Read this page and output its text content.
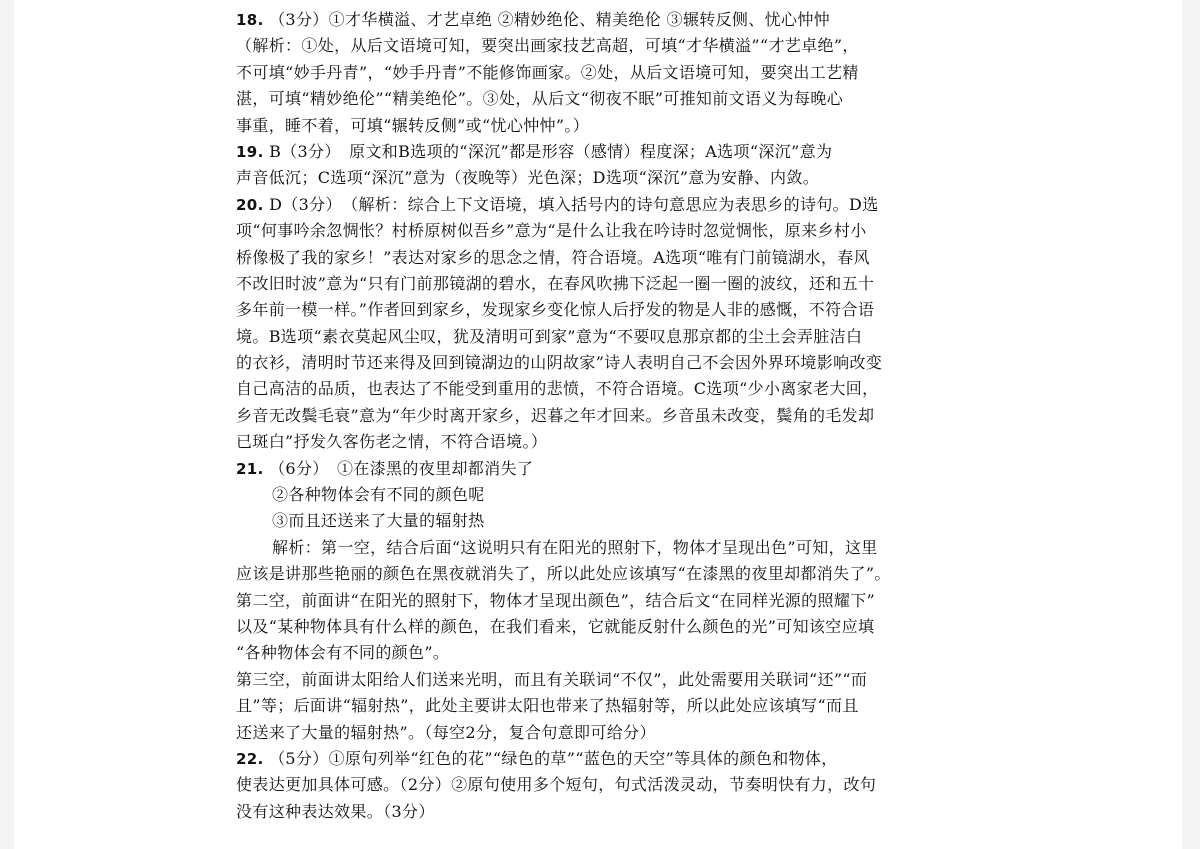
18. （3分）①才华横溢、才艺卓绝 ②精妙绝伦、精美绝伦 ③辗转反侧、忧心忡忡
（解析：①处，从后文语境可知，要突出画家技艺高超，可填“才华横溢”“才艺卓绝”，
不可填“妙手丹青”，“妙手丹青”不能修饰画家。②处，从后文语境可知，要突出工艺精
湛，可填“精妙绝伦”“精美绝伦”。③处，从后文“彻夜不眠”可推知前文语义为每晚心
事重，睡不着，可填“辗转反侧”或“忧心忡忡”。）
19. B（3分）　原文和B选项的“深沉”都是形容（感情）程度深；A选项“深沉”意为
声音低沉；C选项“深沉”意为（夜晚等）光色深；D选项“深沉”意为安静、内敛。
20. D（3分）　（解析：综合上下文语境，填入括号内的诗句意思应为表思乡的诗句。D选
项“何事吟余忽惆怅？村桥原树似吾乡”意为“是什么让我在吟诗时忽觉惆怅，原来乡村小
桥像极了我的家乡！”表达对家乡的思念之情，符合语境。A选项“唯有门前镜湖水，春风
不改旧时波”意为“只有门前那镜湖的碧水，在春风吹拂下泛起一圈一圈的波纹，还和五十
多年前一模一样。”作者回到家乡，发现家乡变化惊人后抒发的物是人非的感慨，不符合语
境。B选项“素衣莫起风尘叹，犹及清明可到家”意为“不要叹息那京都的尘土会弄脏洁白
的衣衫，清明时节还来得及回到镜湖边的山阴故家”诗人表明自己不会因外界环境影响改变
自己高洁的品质，也表达了不能受到重用的悲愤，不符合语境。C选项“少小离家老大回，
乡音无改鬓毛衰”意为“年少时离开家乡，迟暮之年才回来。乡音虽未改变，鬓角的毛发却
已斑白”抒发久客伤老之情，不符合语境。）
21. （6分）　①在漆黑的夜里却都消失了
②各种物体会有不同的颜色呢
③而且还送来了大量的辐射热
解析：第一空，结合后面“这说明只有在阳光的照射下，物体才呈现出色”可知，这里
应该是讲那些艳丽的颜色在黑夜就消失了，所以此处应该填写“在漆黑的夜里却都消失了”。
第二空，前面讲“在阳光的照射下，物体才呈现出颜色”，结合后文“在同样光源的照耀下”
以及“某种物体具有什么样的颜色，在我们看来，它就能反射什么颜色的光”可知该空应填
“各种物体会有不同的颜色”。
第三空，前面讲太阳给人们送来光明，而且有关联词“不仅”，此处需要用关联词“还”“而
且”等；后面讲“辐射热”，此处主要讲太阳也带来了热辐射等，所以此处应该填写“而且
还送来了大量的辐射热”。（每空2分，复合句意即可给分）
22. （5分）①原句列举“红色的花”“绿色的草”“蓝色的天空”等具体的颜色和物体，
使表达更加具体可感。（2分）②原句使用多个短句，句式活泼灵动，节奏明快有力，改句
没有这种表达效果。（3分）
